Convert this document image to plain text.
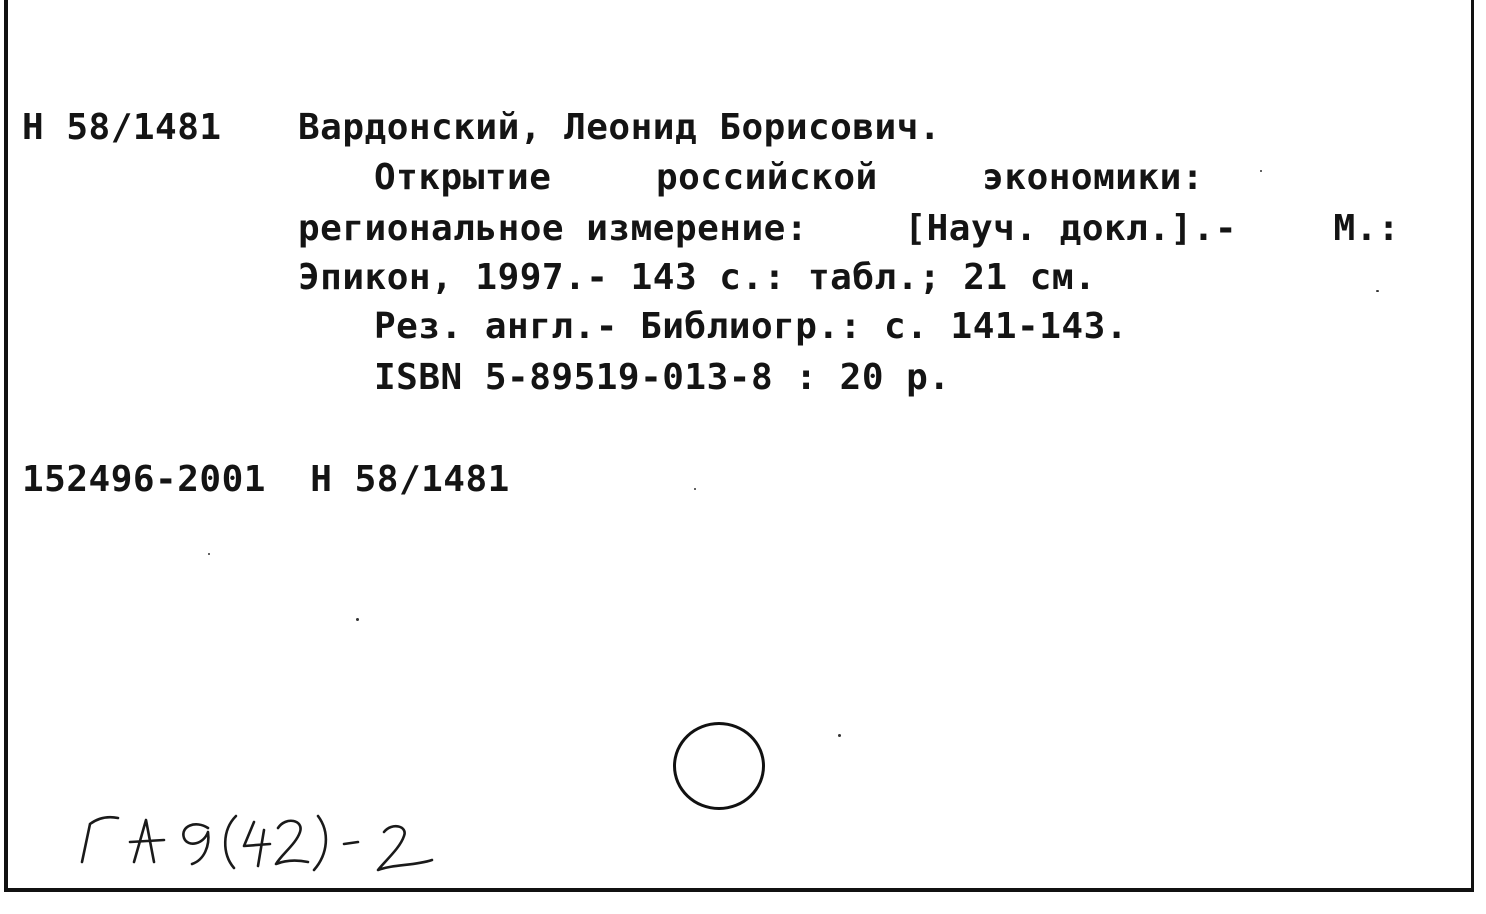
Н 58/1481 Вардонский, Леонид Борисович.
Открытие	российской	экономики:
региональное измерение:	[Науч. докл.].-	М.:
Эпикон, 1997.- 143 с.: табл.; 21 см.
Рез. англ.- Библиогр.: с. 141-143.
ISBN 5-89519-013-8 : 20 р.
152496-2001  Н 58/1481
